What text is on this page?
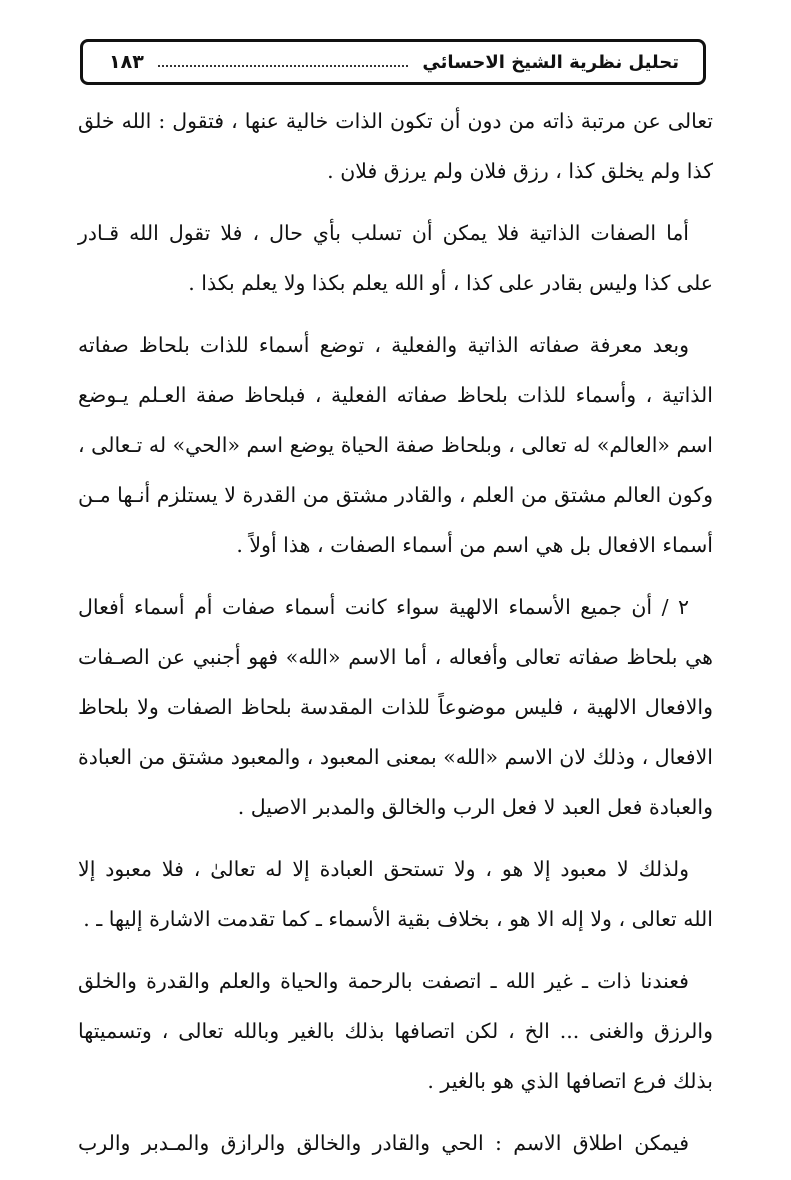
تحليل نظرية الشيخ الاحسائي
١٨٣
تعالى عن مرتبة ذاته من دون أن تكون الذات خالية عنها ، فتقول : الله خلق
كذا ولم يخلق كذا ، رزق فلان ولم يرزق فلان .
أما الصفات الذاتية فلا يمكن أن تسلب بأي حال ، فلا تقول الله قـادر
على كذا وليس بقادر على كذا ، أو الله يعلم بكذا ولا يعلم بكذا .
وبعد معرفة صفاته الذاتية والفعلية ، توضع أسماء للذات بلحاظ صفاته
الذاتية ، وأسماء للذات بلحاظ صفاته الفعلية ، فبلحاظ صفة العـلم يـوضع
اسم «العالم» له تعالى ، وبلحاظ صفة الحياة يوضع اسم «الحي» له تـعالى ،
وكون العالم مشتق من العلم ، والقادر مشتق من القدرة لا يستلزم أنـها مـن
أسماء الافعال بل هي اسم من أسماء الصفات ، هذا أولاً .
٢ / أن جميع الأسماء الالهية سواء كانت أسماء صفات أم أسماء أفعال
هي بلحاظ صفاته تعالى وأفعاله ، أما الاسم «الله» فهو أجنبي عن الصـفات
والافعال الالهية ، فليس موضوعاً للذات المقدسة بلحاظ الصفات ولا بلحاظ
الافعال ، وذلك لان الاسم «الله» بمعنى المعبود ، والمعبود مشتق من العبادة
والعبادة فعل العبد لا فعل الرب والخالق والمدبر الاصيل .
ولذلك لا معبود إلا هو ، ولا تستحق العبادة إلا له تعالىٰ ، فلا معبود إلا
الله تعالى ، ولا إله الا هو ، بخلاف بقية الأسماء ـ كما تقدمت الاشارة إليها ـ .
فعندنا ذات ـ غير الله ـ اتصفت بالرحمة والحياة والعلم والقدرة والخلق
والرزق والغنى ... الخ ، لكن اتصافها بذلك بالغير وبالله تعالى ، وتسميتها
بذلك فرع اتصافها الذي هو بالغير .
فيمكن اطلاق الاسم : الحي والقادر والخالق والرازق والمـدبر والرب
